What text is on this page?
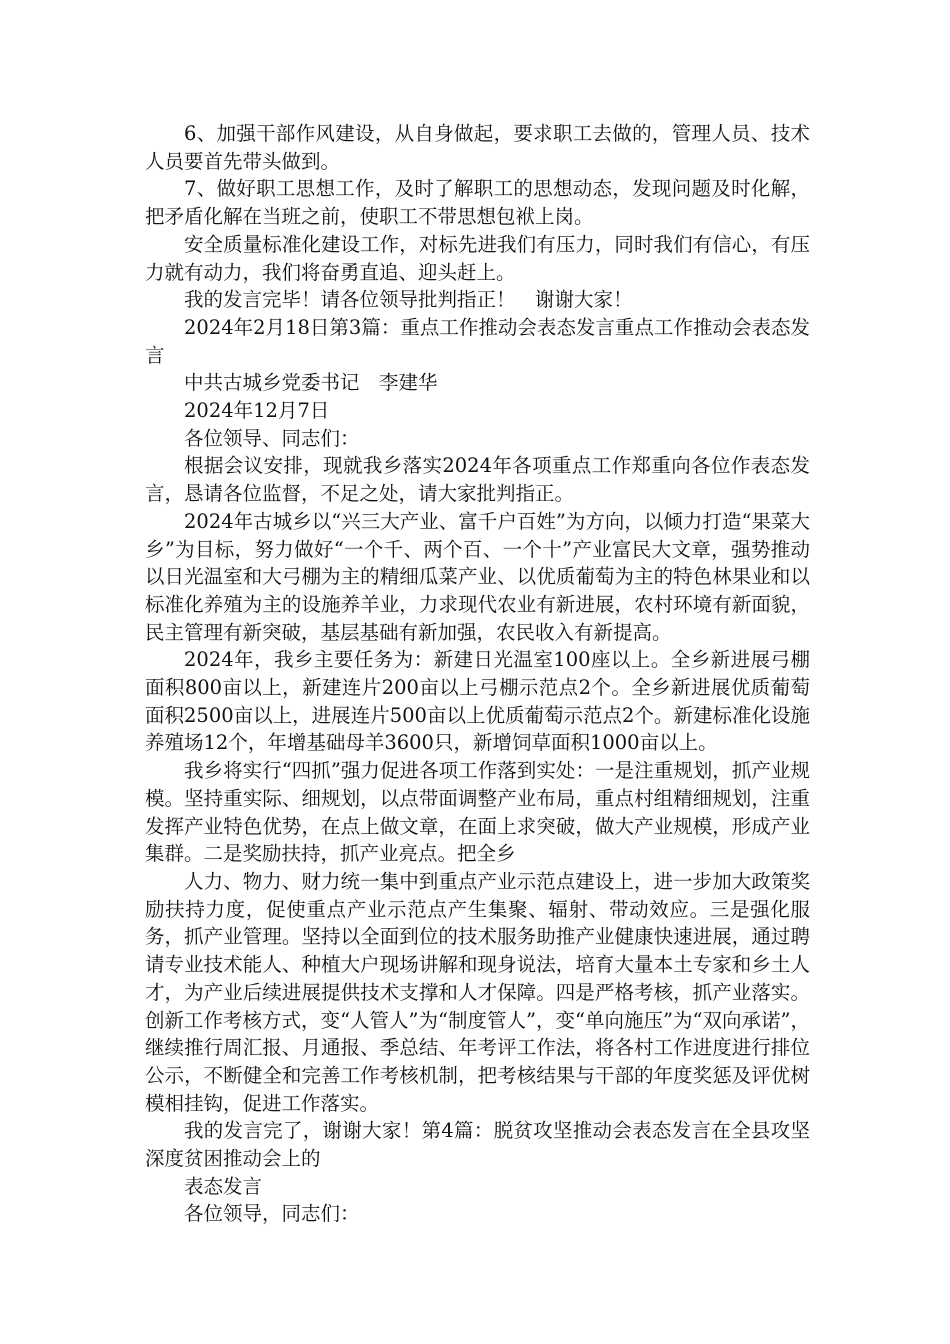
6、加强干部作风建设，从自身做起，要求职工去做的，管理人员、技术人员要首先带头做到。

7、做好职工思想工作，及时了解职工的思想动态，发现问题及时化解，把矛盾化解在当班之前，使职工不带思想包袱上岗。

安全质量标准化建设工作，对标先进我们有压力，同时我们有信心，有压力就有动力，我们将奋勇直追、迎头赶上。

我的发言完毕！请各位领导批判指正！　谢谢大家！

2024年2月18日第3篇：重点工作推动会表态发言重点工作推动会表态发言

中共古城乡党委书记　李建华

2024年12月7日

各位领导、同志们：

根据会议安排，现就我乡落实2024年各项重点工作郑重向各位作表态发言，恳请各位监督，不足之处，请大家批判指正。

2024年古城乡以“兴三大产业、富千户百姓”为方向，以倾力打造“果菜大乡”为目标，努力做好“一个千、两个百、一个十”产业富民大文章，强势推动以日光温室和大弓棚为主的精细瓜菜产业、以优质葡萄为主的特色林果业和以标准化养殖为主的设施养羊业，力求现代农业有新进展，农村环境有新面貌，民主管理有新突破，基层基础有新加强，农民收入有新提高。

2024年，我乡主要任务为：新建日光温室100座以上。全乡新进展弓棚面积800亩以上，新建连片200亩以上弓棚示范点2个。全乡新进展优质葡萄面积2500亩以上，进展连片500亩以上优质葡萄示范点2个。新建标准化设施养殖场12个，年增基础母羊3600只，新增饲草面积1000亩以上。

我乡将实行“四抓”强力促进各项工作落到实处：一是注重规划，抓产业规模。坚持重实际、细规划，以点带面调整产业布局，重点村组精细规划，注重发挥产业特色优势，在点上做文章，在面上求突破，做大产业规模，形成产业集群。二是奖励扶持，抓产业亮点。把全乡

人力、物力、财力统一集中到重点产业示范点建设上，进一步加大政策奖励扶持力度，促使重点产业示范点产生集聚、辐射、带动效应。三是强化服务，抓产业管理。坚持以全面到位的技术服务助推产业健康快速进展，通过聘请专业技术能人、种植大户现场讲解和现身说法，培育大量本土专家和乡土人才，为产业后续进展提供技术支撑和人才保障。四是严格考核，抓产业落实。创新工作考核方式，变“人管人”为“制度管人”，变“单向施压”为“双向承诺”，继续推行周汇报、月通报、季总结、年考评工作法，将各村工作进度进行排位公示，不断健全和完善工作考核机制，把考核结果与干部的年度奖惩及评优树模相挂钩，促进工作落实。

我的发言完了，谢谢大家！第4篇：脱贫攻坚推动会表态发言在全县攻坚深度贫困推动会上的

表态发言

各位领导，同志们：
